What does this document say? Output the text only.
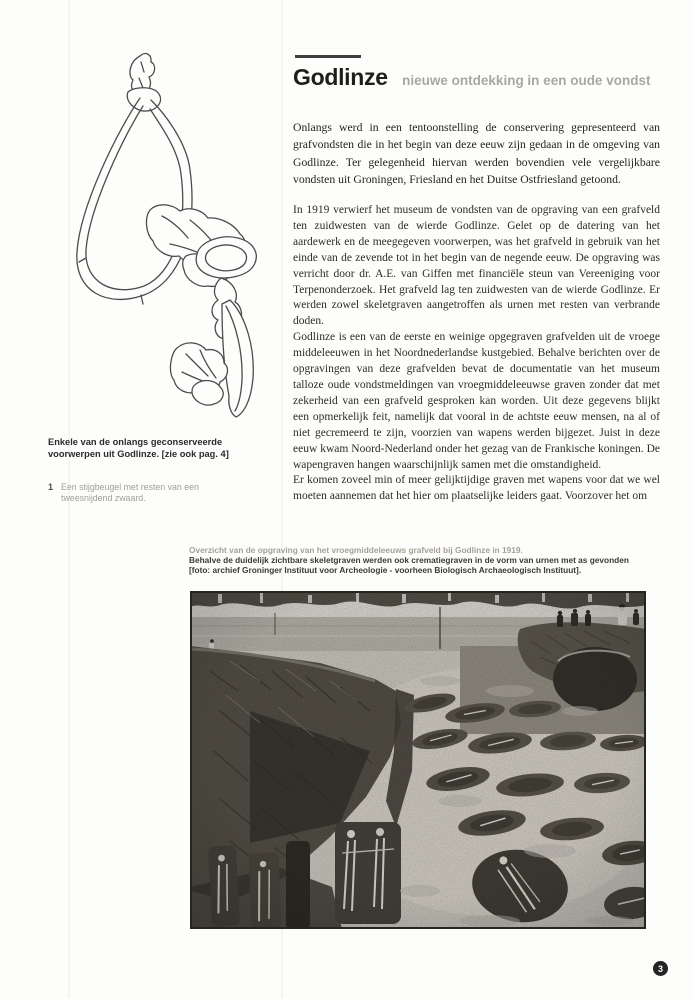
Enkele van de onlangs geconserveerde voorwerpen uit Godlinze. [zie ook pag. 4]
1 Een stijgbeugel met resten van een tweesnijdend zwaard.
Godlinze nieuwe ontdekking in een oude vondst
Onlangs werd in een tentoonstelling de conservering gepresenteerd van grafvondsten die in het begin van deze eeuw zijn gedaan in de omgeving van Godlinze. Ter gelegenheid hiervan werden bovendien vele vergelijkbare vondsten uit Groningen, Friesland en het Duitse Ostfriesland getoond.

In 1919 verwierf het museum de vondsten van de opgraving van een grafveld ten zuidwesten van de wierde Godlinze. Gelet op de datering van het aardewerk en de meegegeven voorwerpen, was het grafveld in gebruik van het einde van de zevende tot in het begin van de negende eeuw. De opgraving was verricht door dr. A.E. van Giffen met financiële steun van Vereeniging voor Terpenonderzoek. Het grafveld lag ten zuidwesten van de wierde Godlinze. Er werden zowel skeletgraven aangetroffen als urnen met resten van verbrande doden.

Godlinze is een van de eerste en weinige opgegraven grafvelden uit de vroege middeleeuwen in het Noordnederlandse kustgebied. Behalve berichten over de opgravingen van deze grafvelden bevat de documentatie van het museum talloze oude vondstmeldingen van vroegmiddeleeuwse graven zonder dat met zekerheid van een grafveld gesproken kan worden. Uit deze gegevens blijkt een opmerkelijk feit, namelijk dat vooral in de achtste eeuw mensen, na al of niet gecremeerd te zijn, voorzien van wapens werden bijgezet. Juist in deze eeuw kwam Noord-Nederland onder het gezag van de Frankische koningen. De wapengraven hangen waarschijnlijk samen met die omstandigheid.

Er komen zoveel min of meer gelijktijdige graven met wapens voor dat we wel moeten aannemen dat het hier om plaatselijke leiders gaat. Voorzover het om

Overzicht van de opgraving van het vroegmiddeleeuws grafveld bij Godlinze in 1919.
Behalve de duidelijk zichtbare skeletgraven werden ook crematiegraven in de vorm van urnen met as gevonden
[foto: archief Groninger Instituut voor Archeologie - voorheen Biologisch Archaeologisch Instituut].
3
